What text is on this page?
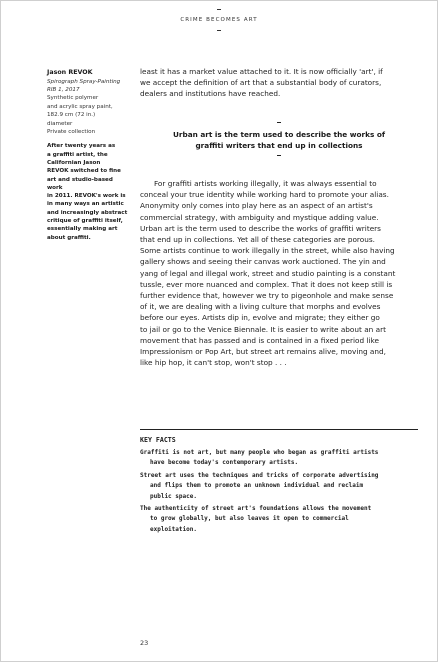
CRIME BECOMES ART

Jason REVOK

Spirograph Spray-Painting

RIB 1, 2017

Synthetic polymer

and acrylic spray paint,

182.9 cm (72 in.)

diameter

Private collection

After twenty years as
a graffiti artist, the
Californian Jason
REVOK switched to fine
art and studio-based work
in 2011. REVOK's work is
in many ways an artistic
and increasingly abstract
critique of graffiti itself,
essentially making art
about graffiti.

least it has a market value attached to it. It is now officially 'art', if
we accept the definition of art that a substantial body of curators,
dealers and institutions have reached.

Urban art is the term used to describe the works of
graffiti writers that end up in collections

For graffiti artists working illegally, it was always essential to
conceal your true identity while working hard to promote your alias.
Anonymity only comes into play here as an aspect of an artist's
commercial strategy, with ambiguity and mystique adding value.
Urban art is the term used to describe the works of graffiti writers
that end up in collections. Yet all of these categories are porous.
Some artists continue to work illegally in the street, while also having
gallery shows and seeing their canvas work auctioned. The yin and
yang of legal and illegal work, street and studio painting is a constant
tussle, ever more nuanced and complex. That it does not keep still is
further evidence that, however we try to pigeonhole and make sense
of it, we are dealing with a living culture that morphs and evolves
before our eyes. Artists dip in, evolve and migrate; they either go
to jail or go to the Venice Biennale. It is easier to write about an art
movement that has passed and is contained in a fixed period like
Impressionism or Pop Art, but street art remains alive, moving and,
like hip hop, it can't stop, won't stop . . .

KEY FACTS

Graffiti is not art, but many people who began as graffiti artists
have become today's contemporary artists.

Street art uses the techniques and tricks of corporate advertising
and flips them to promote an unknown individual and reclaim
public space.

The authenticity of street art's foundations allows the movement
to grow globally, but also leaves it open to commercial
exploitation.

23
